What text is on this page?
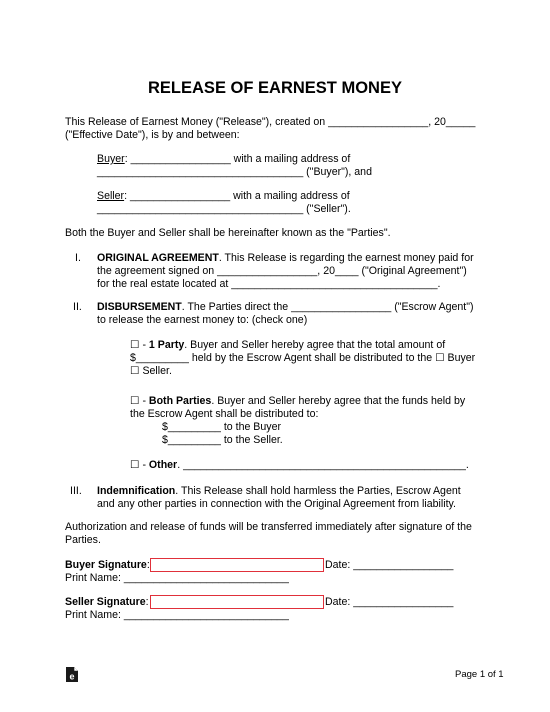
RELEASE OF EARNEST MONEY
This Release of Earnest Money ("Release"), created on _________________, 20_____
("Effective Date"), is by and between:
Buyer: _________________ with a mailing address of
___________________________________ ("Buyer"), and
Seller: _________________ with a mailing address of
___________________________________ ("Seller").
Both the Buyer and Seller shall be hereinafter known as the "Parties".
I. ORIGINAL AGREEMENT. This Release is regarding the earnest money paid for
the agreement signed on _________________, 20____ ("Original Agreement")
for the real estate located at ___________________________________.
II. DISBURSEMENT. The Parties direct the _________________ ("Escrow Agent")
to release the earnest money to: (check one)
☐ - 1 Party. Buyer and Seller hereby agree that the total amount of
$_________ held by the Escrow Agent shall be distributed to the ☐ Buyer
☐ Seller.
☐ - Both Parties. Buyer and Seller hereby agree that the funds held by
the Escrow Agent shall be distributed to:
$_________ to the Buyer
$_________ to the Seller.
☐ - Other. ________________________________________________.
III. Indemnification. This Release shall hold harmless the Parties, Escrow Agent
and any other parties in connection with the Original Agreement from liability.
Authorization and release of funds will be transferred immediately after signature of the
Parties.
Buyer Signature:	Date: _________________
Print Name: ____________________________
Seller Signature:	Date: _________________
Print Name: ____________________________
e	Page 1 of 1
